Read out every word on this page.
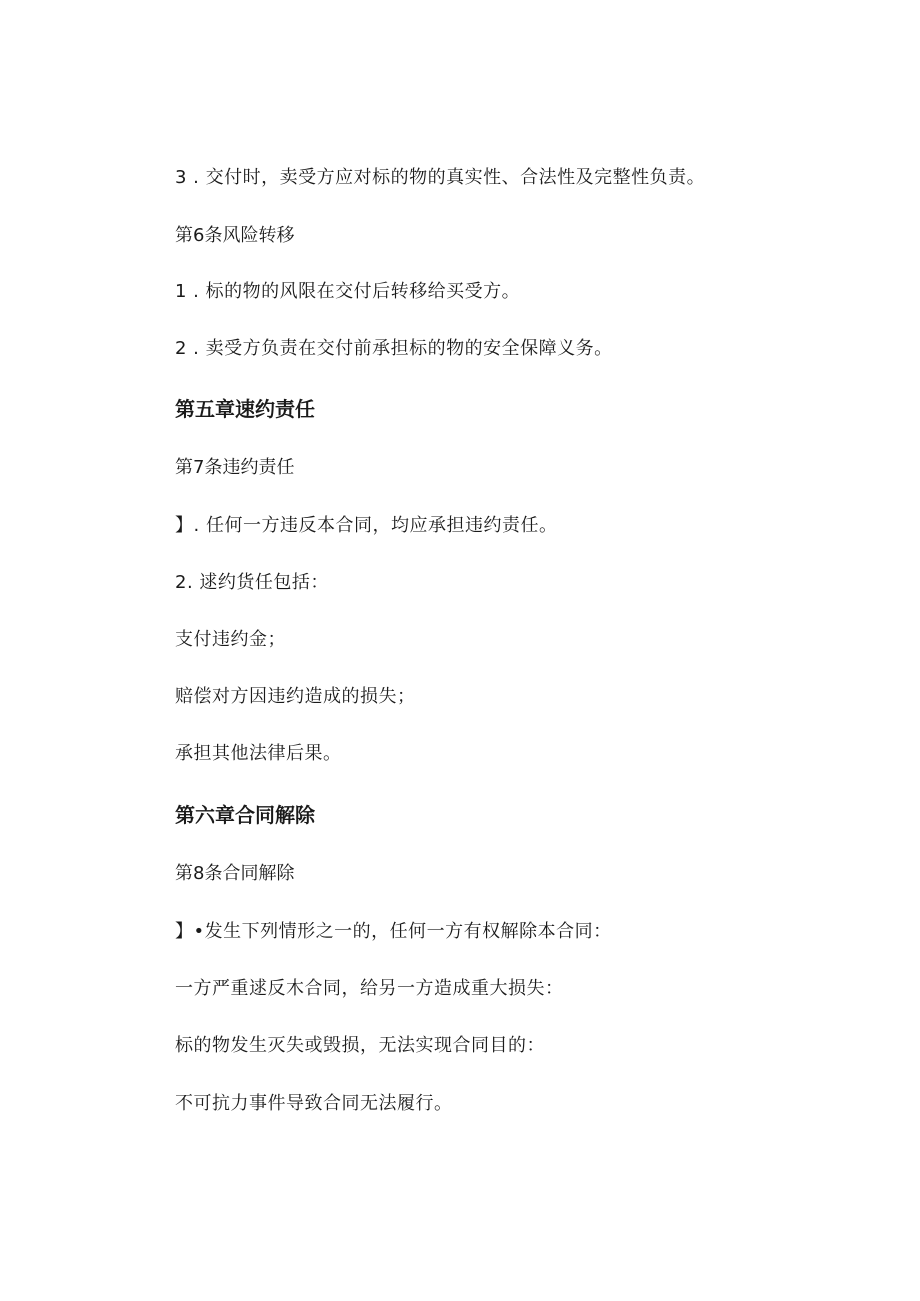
3 . 交付时，卖受方应对标的物的真实性、合法性及完整性负责。
第6条风险转移
1 . 标的物的风限在交付后转移给买受方。
2 . 卖受方负责在交付前承担标的物的安全保障义务。
第五章速约责任
第7条违约责任
】. 任何一方违反本合同，均应承担违约责任。
2. 逑约货任包括：
支付违约金；
赔偿对方因违约造成的损失；
承担其他法律后果。
第六章合同解除
第8条合同解除
】•发生下列情形之一的，任何一方有权解除本合同：
一方严重逑反木合同，给另一方造成重大损失：
标的物发生灭失或毁损，无法实现合同目的：
不可抗力事件导致合同无法履行。
